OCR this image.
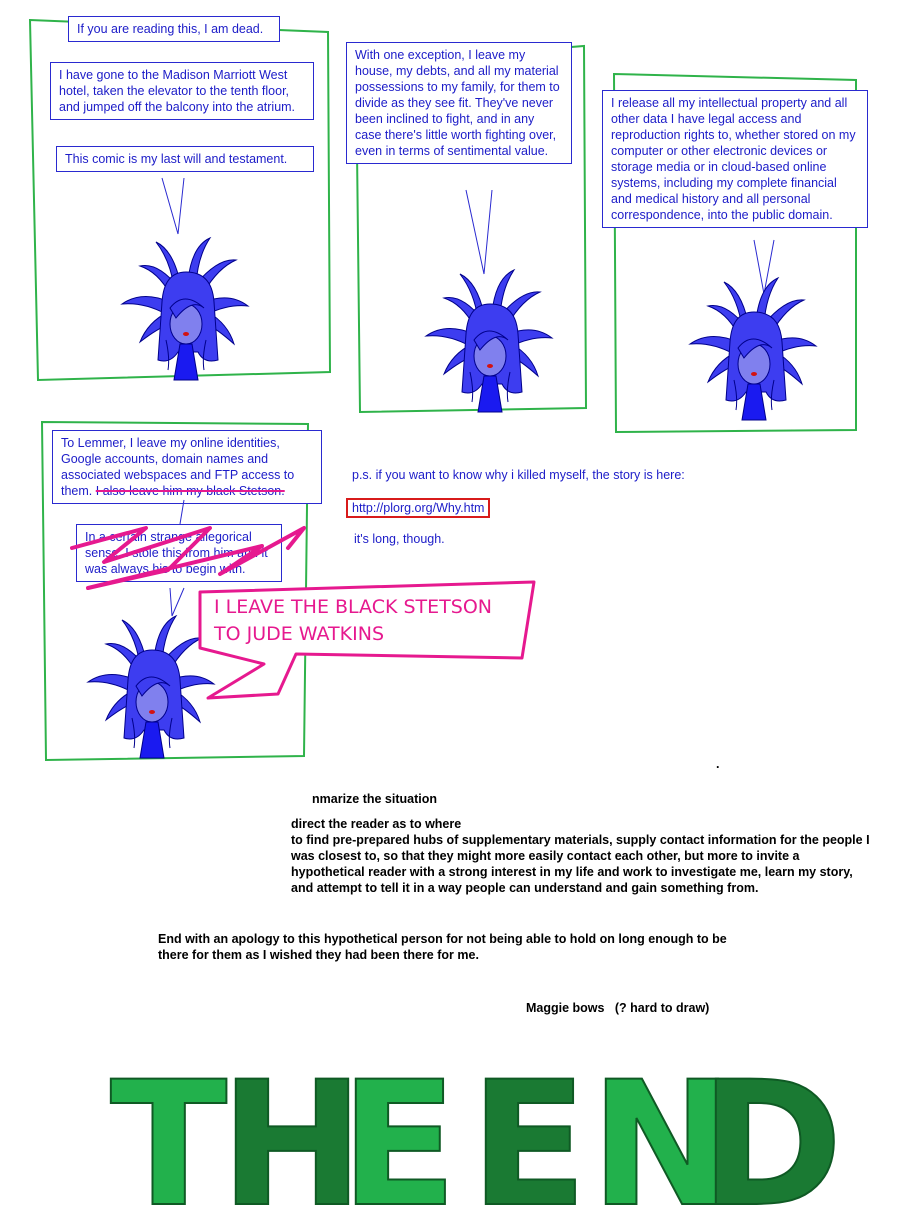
If you are reading this, I am dead.
I have gone to the Madison Marriott West hotel, taken the elevator to the tenth floor, and jumped off the balcony into the atrium.
This comic is my last will and testament.
With one exception, I leave my house, my debts, and all my material possessions to my family, for them to divide as they see fit. They've never been inclined to fight, and in any case there's little worth fighting over, even in terms of sentimental value.
I release all my intellectual property and all other data I have legal access and reproduction rights to, whether stored on my computer or other electronic devices or storage media or in cloud-based online systems, including my complete financial and medical history and all personal correspondence, into the public domain.
To Lemmer, I leave my online identities, Google accounts, domain names and associated webspaces and FTP access to them. I also leave him my black Stetson.
In a certain strange allegorical sense, I stole this from him and it was always his to begin with.
I LEAVE THE BLACK STETSON
TO JUDE WATKINS
p.s. if you want to know why i killed myself, the story is here:
http://plorg.org/Why.htm
it's long, though.
.
nmarize the situation
direct the reader as to where
to find pre-prepared hubs of supplementary materials, supply contact information for the people I was closest to, so that they might more easily contact each other, but more to invite a hypothetical reader with a strong interest in my life and work to investigate me, learn my story, and attempt to tell it in a way people can understand and gain something from.
End with an apology to this hypothetical person for not being able to hold on long enough to be there for them as I wished they had been there for me.
Maggie bows   (? hard to draw)
T
H
E E N
D
